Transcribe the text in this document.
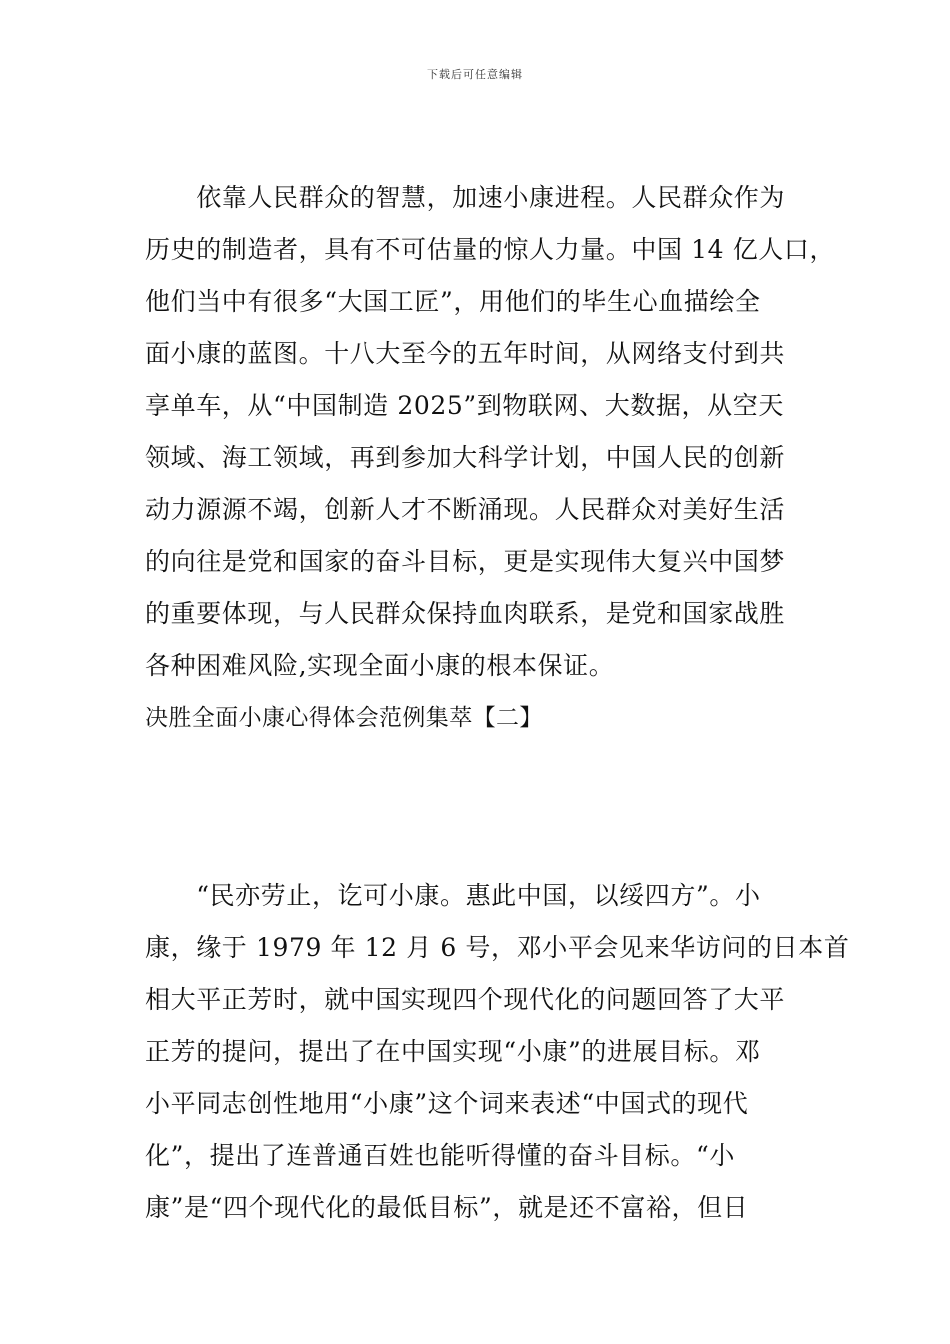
下载后可任意编辑
　　依靠人民群众的智慧，加速小康进程。人民群众作为
历史的制造者，具有不可估量的惊人力量。中国 14 亿人口，
他们当中有很多“大国工匠”，用他们的毕生心血描绘全
面小康的蓝图。十八大至今的五年时间，从网络支付到共
享单车，从“中国制造 2025”到物联网、大数据，从空天
领域、海工领域，再到参加大科学计划，中国人民的创新
动力源源不竭，创新人才不断涌现。人民群众对美好生活
的向往是党和国家的奋斗目标，更是实现伟大复兴中国梦
的重要体现，与人民群众保持血肉联系，是党和国家战胜
各种困难风险,实现全面小康的根本保证。
决胜全面小康心得体会范例集萃【二】
　　“民亦劳止，讫可小康。惠此中国，以绥四方”。小
康，缘于 1979 年 12 月 6 号，邓小平会见来华访问的日本首
相大平正芳时，就中国实现四个现代化的问题回答了大平
正芳的提问，提出了在中国实现“小康”的进展目标。邓
小平同志创性地用“小康”这个词来表述“中国式的现代
化”，提出了连普通百姓也能听得懂的奋斗目标。“小
康”是“四个现代化的最低目标”，就是还不富裕，但日
